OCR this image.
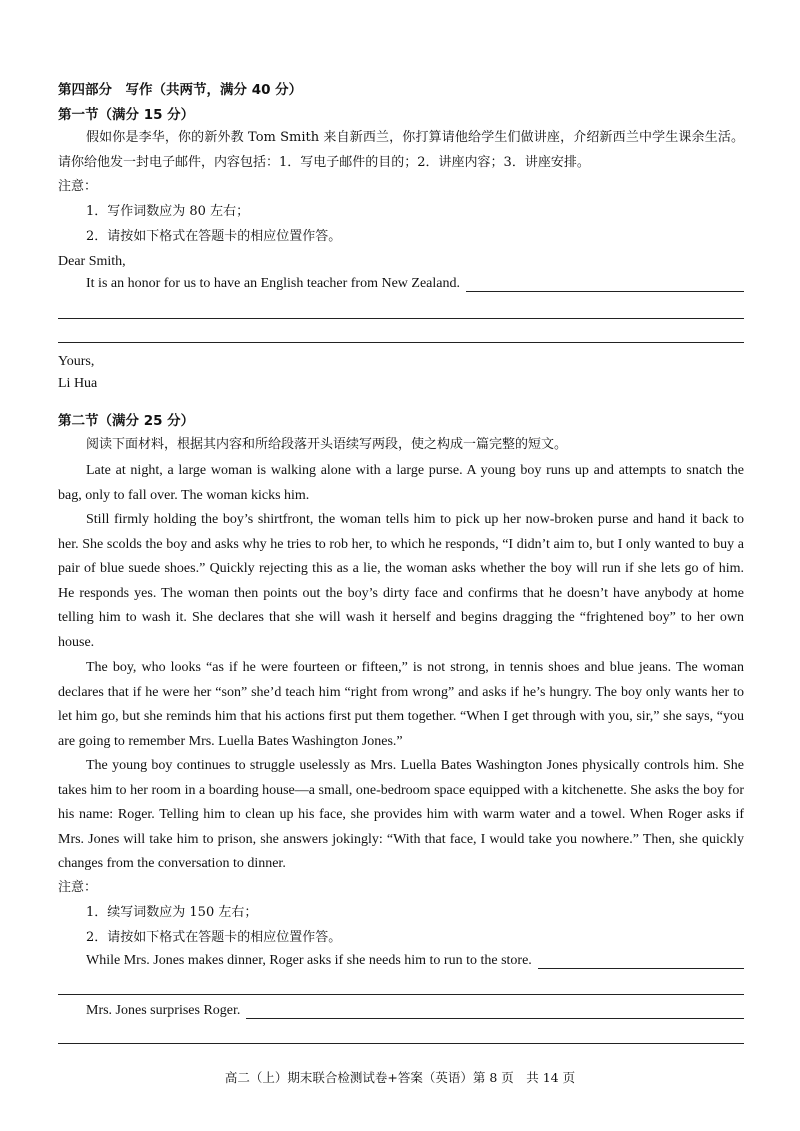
第四部分　写作（共两节，满分 40 分）
第一节（满分 15 分）

假如你是李华，你的新外教 Tom Smith 来自新西兰，你打算请他给学生们做讲座，介绍新西兰中学生课余生活。请你给他发一封电子邮件，内容包括：1．写电子邮件的目的；2．讲座内容；3．讲座安排。

注意：
1．写作词数应为 80 左右；
2．请按如下格式在答题卡的相应位置作答。
Dear Smith,
It is an honor for us to have an English teacher from New Zealand.
Yours,
Li Hua
第二节（满分 25 分）
阅读下面材料，根据其内容和所给段落开头语续写两段，使之构成一篇完整的短文。

Late at night, a large woman is walking alone with a large purse. A young boy runs up and attempts to snatch the bag, only to fall over. The woman kicks him.

Still firmly holding the boy’s shirtfront, the woman tells him to pick up her now-broken purse and hand it back to her. She scolds the boy and asks why he tries to rob her, to which he responds, “I didn’t aim to, but I only wanted to buy a pair of blue suede shoes.” Quickly rejecting this as a lie, the woman asks whether the boy will run if she lets go of him. He responds yes. The woman then points out the boy’s dirty face and confirms that he doesn’t have anybody at home telling him to wash it. She declares that she will wash it herself and begins dragging the “frightened boy” to her own house.

The boy, who looks “as if he were fourteen or fifteen,” is not strong, in tennis shoes and blue jeans. The woman declares that if he were her “son” she’d teach him “right from wrong” and asks if he’s hungry. The boy only wants her to let him go, but she reminds him that his actions first put them together. “When I get through with you, sir,” she says, “you are going to remember Mrs. Luella Bates Washington Jones.”

The young boy continues to struggle uselessly as Mrs. Luella Bates Washington Jones physically controls him. She takes him to her room in a boarding house—a small, one-bedroom space equipped with a kitchenette. She asks the boy for his name: Roger. Telling him to clean up his face, she provides him with warm water and a towel. When Roger asks if Mrs. Jones will take him to prison, she answers jokingly: “With that face, I would take you nowhere.” Then, she quickly changes from the conversation to dinner.

注意：
1．续写词数应为 150 左右；
2．请按如下格式在答题卡的相应位置作答。
While Mrs. Jones makes dinner, Roger asks if she needs him to run to the store.
Mrs. Jones surprises Roger.
高二（上）期末联合检测试卷+答案（英语）第 8 页　共 14 页
